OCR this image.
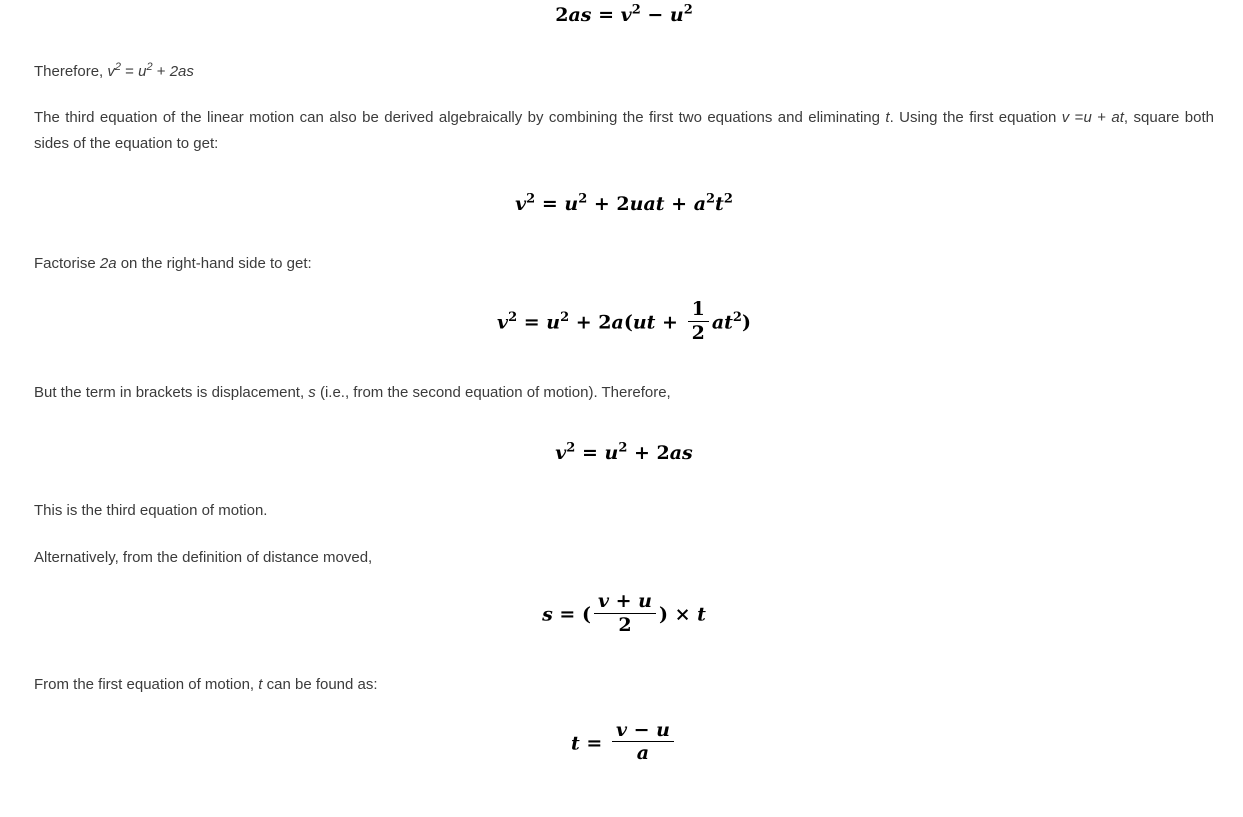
$2as = v^2 - u^2$

Therefore, $v^2 = u^2 + 2as$

The third equation of the linear motion can also be derived algebraically by combining the first two equations and eliminating t. Using the first equation v =u + at, square both sides of the equation to get:

$v^2 = u^2 + 2uat + a^2t^2$

Factorise 2a on the right-hand side to get:

$v^2 = u^2 + 2a(ut + \frac{1}{2} at^2)$

But the term in brackets is displacement, s (i.e., from the second equation of motion). Therefore,

$v^2 = u^2 + 2as$

This is the third equation of motion.

Alternatively, from the definition of distance moved,

s = ( $\frac{v + u}{2}$ ) × t

From the first equation of motion, t can be found as:

$t = \frac{v - u}{a}$
